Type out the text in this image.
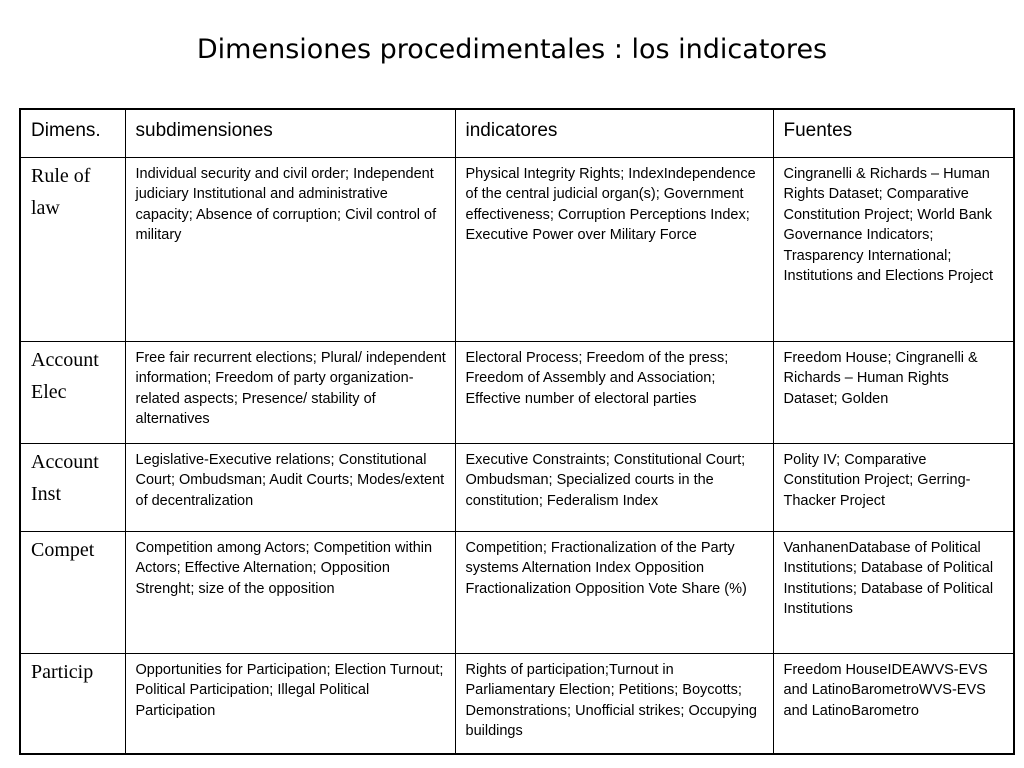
Dimensiones procedimentales : los indicatores
Dimens.	subdimensiones	indicatores	Fuentes
Rule of law	Individual security and civil order; Independent judiciary Institutional and administrative capacity; Absence of corruption; Civil control of military	Physical Integrity Rights; IndexIndependence of the central judicial organ(s); Government effectiveness; Corruption Perceptions Index; Executive Power over Military Force	Cingranelli & Richards – Human Rights Dataset; Comparative Constitution Project; World Bank Governance Indicators; Trasparency International; Institutions and Elections Project
Account Elec	Free fair recurrent elections; Plural/ independent information; Freedom of party organization- related aspects; Presence/ stability of alternatives	Electoral Process; Freedom of the press; Freedom of Assembly and Association; Effective number of electoral parties	Freedom House; Cingranelli & Richards – Human Rights Dataset; Golden
Account Inst	Legislative-Executive relations; Constitutional Court; Ombudsman; Audit Courts; Modes/extent of decentralization	Executive Constraints; Constitutional Court; Ombudsman; Specialized courts in the constitution; Federalism Index	Polity IV; Comparative Constitution Project; Gerring-Thacker Project
Compet	Competition among Actors; Competition within Actors; Effective Alternation; Opposition Strenght; size of the opposition	Competition; Fractionalization of the Party systems Alternation Index Opposition Fractionalization Opposition Vote Share (%)	VanhanenDatabase of Political Institutions; Database of Political Institutions; Database of Political Institutions
Particip	Opportunities for Participation; Election Turnout; Political Participation; Illegal Political Participation	Rights of participation;Turnout in Parliamentary Election; Petitions; Boycotts; Demonstrations; Unofficial strikes; Occupying buildings	Freedom HouseIDEAWVS-EVS and LatinoBarometroWVS-EVS and LatinoBarometro
